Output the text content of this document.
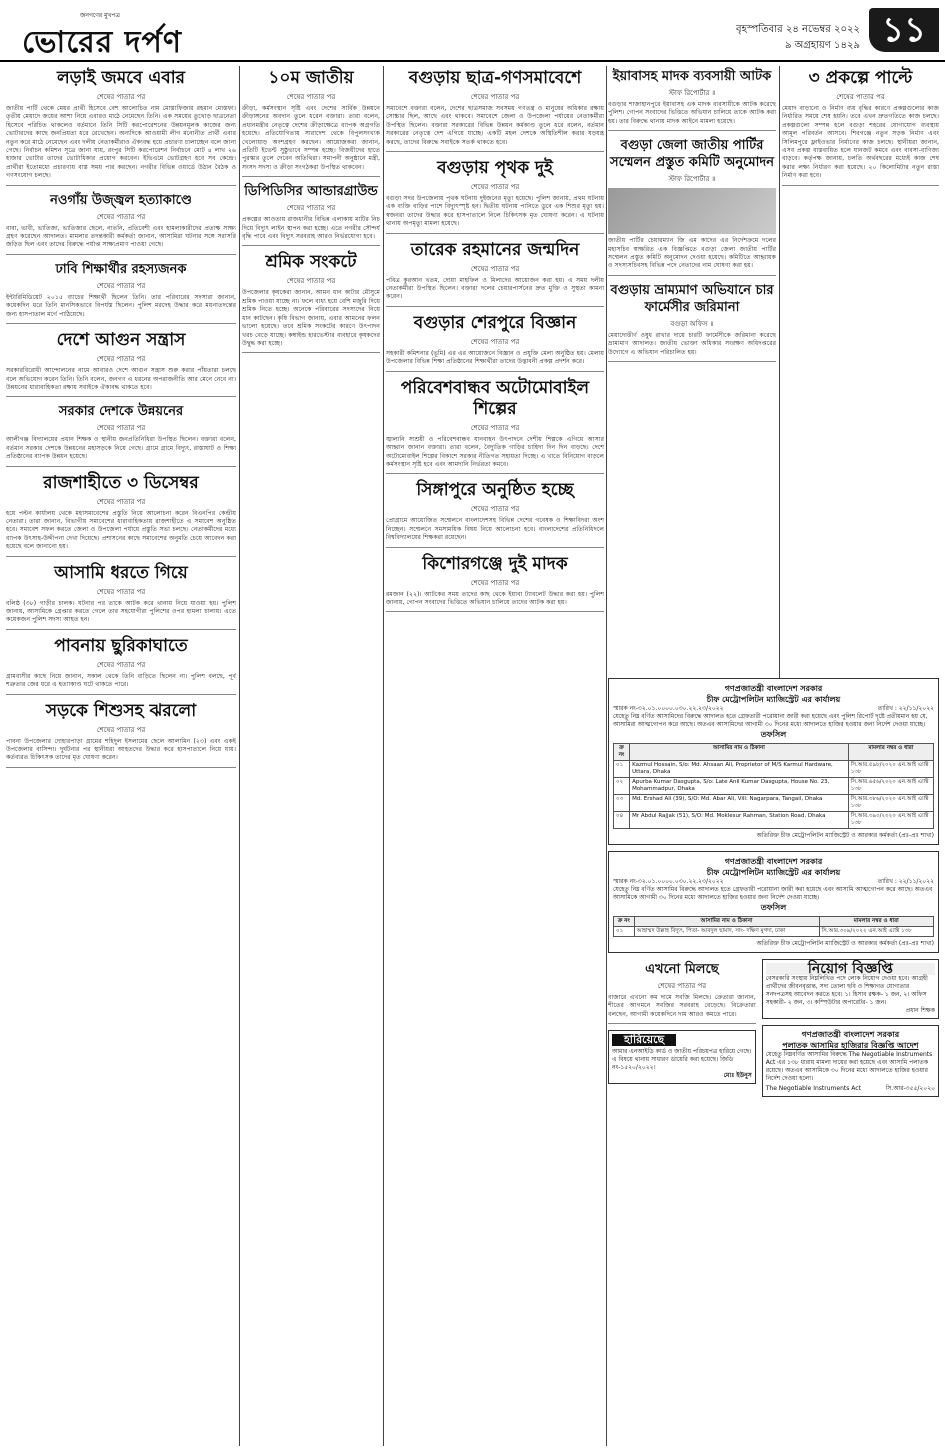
জনগণের মুখপত্র
ভোরের দর্পণ	বৃহস্পতিবার ২৪ নভেম্বর ২০২২
৯ অগ্রহায়ণ ১৪২৯ ১১
লড়াই জমবে এবার
শেষের পাতার পর
জাতীয় পার্টি থেকে মেয়র প্রার্থী হিসেবে বেশ আলোচিত নাম মোস্তাফিজার রহমান মোস্তফা। তৃতীয় মেয়াদে জয়ের আশা নিয়ে এবারও মাঠে নেমেছেন তিনি। এক সময়ের তুখোড় ছাত্রনেতা হিসেবে পরিচিত থাকলেও বর্তমানে তিনি সিটি করপোরেশনের উন্নয়নমূলক কাজের জন্য ভোটারদের কাছে জনপ্রিয়তা ধরে রেখেছেন। অন্যদিকে আওয়ামী লীগ মনোনীত প্রার্থী এবার নতুন করে মাঠে নেমেছেন এবং দলীয় নেতাকর্মীরাও ঐক্যবদ্ধ হয়ে প্রচারণা চালাচ্ছেন বলে জানা গেছে। নির্বাচন কমিশন সূত্রে জানা যায়, রংপুর সিটি করপোরেশন নির্বাচনে মোট ৪ লাখ ২৬ হাজার ভোটার তাদের ভোটাধিকার প্রয়োগ করবেন। ইভিএমে ভোটগ্রহণ হবে সব কেন্দ্রে। প্রার্থীরা ইতোমধ্যে প্রচারণায় ব্যস্ত সময় পার করছেন। নগরীর বিভিন্ন ওয়ার্ডে উঠান বৈঠক ও গণসংযোগ চলছে।
নওগাঁয় উজ্জ্বল হত্যাকাণ্ডে
শেষের পাতার পর
বাবা, ভাবী, ভাতিজা, ভাতিজার ছেলে, নাতনি, প্রতিবেশী এবং হামলাকারীদের প্রত্যক্ষ সাক্ষ্য গ্রহণ করেছেন আদালত। মামলার তদন্তকারী কর্মকর্তা জানান, আসামিরা ঘটনার সঙ্গে সরাসরি জড়িত ছিল এবং তাদের বিরুদ্ধে পর্যাপ্ত সাক্ষ্যপ্রমাণ পাওয়া গেছে।
ঢাবি শিক্ষার্থীর রহস্যজনক
শেষের পাতার পর
ইন্টারিমিডিয়েট ২০১৫ ব্যাচের শিক্ষার্থী ছিলেন তিনি। তার পরিবারের সদস্যরা জানান, কয়েকদিন ধরে তিনি মানসিকভাবে বিপর্যস্ত ছিলেন। পুলিশ মরদেহ উদ্ধার করে ময়নাতদন্তের জন্য হাসপাতাল মর্গে পাঠিয়েছে।
দেশে আগুন সন্ত্রাস
শেষের পাতার পর
সরকারবিরোধী আন্দোলনের নামে আবারও দেশে আগুন সন্ত্রাস শুরু করার পাঁয়তারা চলছে বলে অভিযোগ করেন তিনি। তিনি বলেন, জনগণ এ ধরনের অপরাজনীতি আর মেনে নেবে না। উন্নয়নের ধারাবাহিকতা রক্ষায় সবাইকে ঐক্যবদ্ধ থাকতে হবে।
সরকার দেশকে উন্নয়নের
শেষের পাতার পর
আলীগঞ্জ বিদ্যালয়ের প্রধান শিক্ষক ও স্থানীয় জনপ্রতিনিধিরা উপস্থিত ছিলেন। বক্তারা বলেন, বর্তমান সরকার দেশকে উন্নয়নের মহাসড়কে নিয়ে গেছে। গ্রামে গ্রামে বিদ্যুৎ, রাস্তাঘাট ও শিক্ষা প্রতিষ্ঠানের ব্যাপক উন্নয়ন হয়েছে।
রাজশাহীতে ৩ ডিসেম্বর
শেষের পাতার পর
হয়ে পল্টন কার্যালয় থেকে মহাসমাবেশের প্রস্তুতি নিয়ে আলোচনা করেন বিএনপির কেন্দ্রীয় নেতারা। তারা জানান, বিভাগীয় সমাবেশের ধারাবাহিকতায় রাজশাহীতে এ সমাবেশ অনুষ্ঠিত হবে। সমাবেশ সফল করতে জেলা ও উপজেলা পর্যায়ে প্রস্তুতি সভা চলছে। নেতাকর্মীদের মধ্যে ব্যাপক উৎসাহ-উদ্দীপনা দেখা দিয়েছে। প্রশাসনের কাছে সমাবেশের অনুমতি চেয়ে আবেদন করা হয়েছে বলে জানানো হয়।
আসামি ধরতে গিয়ে
শেষের পাতার পর
বলিষ্ঠ (৩৮) গাড়ীর চালক। ঘটনার পর তাকে আটক করে থানায় নিয়ে যাওয়া হয়। পুলিশ জানায়, আসামিকে গ্রেপ্তার করতে গেলে তার সহযোগীরা পুলিশের ওপর হামলা চালায়। এতে কয়েকজন পুলিশ সদস্য আহত হন।
পাবনায় ছুরিকাঘাতে
শেষের পাতার পর
গ্রামবাসীর কাছে নিয়ে জানান, সকাল থেকে তিনি বাড়িতে ছিলেন না। পুলিশ বলছে, পূর্ব শত্রুতার জের ধরে এ হত্যাকাণ্ড ঘটে থাকতে পারে।
সড়কে শিশুসহ ঝরলো
শেষের পাতার পর
পাবনা উপজেলার দোহারপাড়া গ্রামের শহিদুল ইসলামের ছেলে আলামিন (২৩) এবং একই উপজেলার বাসিন্দা। দুর্ঘটনার পর স্থানীয়রা আহতদের উদ্ধার করে হাসপাতালে নিয়ে যায়। কর্তব্যরত চিকিৎসক তাদের মৃত ঘোষণা করেন।
১০ম জাতীয়
শেষের পাতার পর
ক্রীড়া, কর্মসংস্থান সৃষ্টি এবং দেশের সার্বিক উন্নয়নে ক্রীড়াঙ্গনের অবদান তুলে ধরেন বক্তারা। তারা বলেন, প্রধানমন্ত্রীর নেতৃত্বে দেশের ক্রীড়াক্ষেত্রে ব্যাপক অগ্রগতি হয়েছে। প্রতিযোগিতায় সারাদেশ থেকে বিপুলসংখ্যক খেলোয়াড় অংশগ্রহণ করছেন। আয়োজকরা জানান, প্রতিটি ইভেন্ট সুষ্ঠুভাবে সম্পন্ন হচ্ছে। বিজয়ীদের হাতে পুরস্কার তুলে দেবেন অতিথিরা। সমাপনী অনুষ্ঠানে মন্ত্রী, সংসদ সদস্য ও ক্রীড়া সংগঠকরা উপস্থিত থাকবেন।
ডিপিডিসির আন্ডারগ্রাউন্ড
শেষের পাতার পর
প্রকল্পের আওতায় রাজধানীর বিভিন্ন এলাকায় মাটির নিচ দিয়ে বিদ্যুৎ লাইন স্থাপন করা হচ্ছে। এতে নগরীর সৌন্দর্য বৃদ্ধি পাবে এবং বিদ্যুৎ সরবরাহ আরও নির্ভরযোগ্য হবে।
শ্রমিক সংকটে
শেষের পাতার পর
উপজেলার কৃষকেরা জানান, আমন ধান কাটার মৌসুমে শ্রমিক পাওয়া যাচ্ছে না। ফলে বাধ্য হয়ে বেশি মজুরি দিয়ে শ্রমিক নিতে হচ্ছে। অনেকে পরিবারের সদস্যদের নিয়ে ধান কাটছেন। কৃষি বিভাগ জানায়, এবার আমনের ফলন ভালো হয়েছে। তবে শ্রমিক সংকটের কারণে উৎপাদন খরচ বেড়ে যাচ্ছে। কম্বাইন্ড হারভেস্টার ব্যবহারে কৃষকদের উদ্বুদ্ধ করা হচ্ছে।
বগুড়ায় ছাত্র-গণসমাবেশে
শেষের পাতার পর
সমাবেশে বক্তারা বলেন, দেশের ছাত্রসমাজ সবসময় গণতন্ত্র ও মানুষের অধিকার রক্ষায় সোচ্চার ছিল, আছে এবং থাকবে। সমাবেশে জেলা ও উপজেলা পর্যায়ের নেতাকর্মীরা উপস্থিত ছিলেন। বক্তারা সরকারের বিভিন্ন উন্নয়ন কর্মকাণ্ড তুলে ধরে বলেন, বর্তমান সরকারের নেতৃত্বে দেশ এগিয়ে যাচ্ছে। একটি মহল দেশকে অস্থিতিশীল করার ষড়যন্ত্র করছে, তাদের বিরুদ্ধে সবাইকে সতর্ক থাকতে হবে।
বগুড়ায় পৃথক দুই
শেষের পাতার পর
বগুড়া সদর উপজেলায় পৃথক ঘটনায় দুইজনের মৃত্যু হয়েছে। পুলিশ জানায়, প্রথম ঘটনায় এক ব্যক্তি বাড়ির পাশে বিদ্যুৎস্পৃষ্ট হন। দ্বিতীয় ঘটনায় পানিতে ডুবে এক শিশুর মৃত্যু হয়। স্বজনরা তাদের উদ্ধার করে হাসপাতালে নিলে চিকিৎসক মৃত ঘোষণা করেন। এ ঘটনায় থানায় অপমৃত্যু মামলা হয়েছে।
তারেক রহমানের জন্মদিন
শেষের পাতার পর
পবিত্র কুরআন খতম, দোয়া মাহফিল ও মিলাদের আয়োজন করা হয়। এ সময় দলীয় নেতাকর্মীরা উপস্থিত ছিলেন। বক্তারা দলের চেয়ারপার্সনের দ্রুত মুক্তি ও সুস্থতা কামনা করেন।
বগুড়ার শেরপুরে বিজ্ঞান
শেষের পাতার পর
সহকারী কমিশনার (ভূমি) এর এর আয়োজনে বিজ্ঞান ও প্রযুক্তি মেলা অনুষ্ঠিত হয়। মেলায় উপজেলার বিভিন্ন শিক্ষা প্রতিষ্ঠানের শিক্ষার্থীরা তাদের উদ্ভাবনী প্রকল্প প্রদর্শন করে।
পরিবেশবান্ধব অটোমোবাইল শিল্পের
শেষের পাতার পর
জ্বালানি সাশ্রয়ী ও পরিবেশবান্ধব যানবাহন উৎপাদনে দেশীয় শিল্পকে এগিয়ে আসার আহ্বান জানান বক্তারা। তারা বলেন, বৈদ্যুতিক গাড়ির চাহিদা দিন দিন বাড়ছে। দেশে অটোমোবাইল শিল্পের বিকাশে সরকার নীতিগত সহায়তা দিচ্ছে। এ খাতে বিনিয়োগ বাড়লে কর্মসংস্থান সৃষ্টি হবে এবং আমদানি নির্ভরতা কমবে।
সিঙ্গাপুরে অনুষ্ঠিত হচ্ছে
শেষের পাতার পর
প্রোগ্রামে আয়োজিত সম্মেলনে বাংলাদেশসহ বিভিন্ন দেশের গবেষক ও শিক্ষাবিদরা অংশ নিচ্ছেন। সম্মেলনে সমসাময়িক বিষয় নিয়ে আলোচনা হবে। বাংলাদেশের প্রতিনিধিদলে বিশ্ববিদ্যালয়ের শিক্ষকরা রয়েছেন।
কিশোরগঞ্জে দুই মাদক
শেষের পাতার পর
রমজান (২২)। আটকের সময় তাদের কাছ থেকে ইয়াবা ট্যাবলেট উদ্ধার করা হয়। পুলিশ জানায়, গোপন সংবাদের ভিত্তিতে অভিযান চালিয়ে তাদের আটক করা হয়।
ইয়াবাসহ মাদক ব্যবসায়ী আটক
স্টাফ রিপোর্টার ॥
বগুড়ার শাজাহানপুরে ইয়াবাসহ এক মাদক ব্যবসায়ীকে আটক করেছে পুলিশ। গোপন সংবাদের ভিত্তিতে অভিযান চালিয়ে তাকে আটক করা হয়। তার বিরুদ্ধে থানায় মাদক আইনে মামলা হয়েছে।
বগুড়া জেলা জাতীয় পার্টির সম্মেলন প্রস্তুত কমিটি অনুমোদন
স্টাফ রিপোর্টার ॥
জাতীয় পার্টির চেয়ারম্যান জি এম কাদের এর নির্দেশক্রমে দলের মহাসচিব স্বাক্ষরিত এক বিজ্ঞপ্তিতে বগুড়া জেলা জাতীয় পার্টির সম্মেলন প্রস্তুত কমিটি অনুমোদন দেওয়া হয়েছে। কমিটিতে আহ্বায়ক ও সদস্যসচিবসহ বিভিন্ন পদে নেতাদের নাম ঘোষণা করা হয়।
বগুড়ায় ভ্রাম্যমাণ অভিযানে চার ফার্মেসীর জরিমানা
বগুড়া অফিস ॥
মেয়াদোত্তীর্ণ ওষুধ রাখার দায়ে চারটি ফার্মেসীকে জরিমানা করেছে ভ্রাম্যমাণ আদালত। জাতীয় ভোক্তা অধিকার সংরক্ষণ অধিদপ্তরের উদ্যোগে এ অভিযান পরিচালিত হয়।
৩ প্রকল্পে পাল্টে
শেষের পাতার পর
মেয়াদ বাড়ানো ও নির্মাণ ব্যয় বৃদ্ধির কারণে প্রকল্পগুলোর কাজ নির্ধারিত সময়ে শেষ হয়নি। তবে এখন দ্রুতগতিতে কাজ চলছে। প্রকল্পগুলো সম্পন্ন হলে বগুড়া শহরের যোগাযোগ ব্যবস্থায় আমূল পরিবর্তন আসবে। শিবগঞ্জে নতুন সড়ক নির্মাণ এবং সিলিমপুরে ফ্লাইওভার নির্মাণের কাজ চলছে। স্থানীয়রা জানান, এসব প্রকল্প বাস্তবায়িত হলে যানজট কমবে এবং ব্যবসা-বাণিজ্য বাড়বে। কর্তৃপক্ষ জানায়, চলতি অর্থবছরের মধ্যেই কাজ শেষ করার লক্ষ্য নির্ধারণ করা হয়েছে। ২০ কিলোমিটার নতুন রাস্তা নির্মাণ করা হবে।
গণপ্রজাতন্ত্রী বাংলাদেশ সরকার
চীফ মেট্রোপলিটন ম্যাজিস্ট্রেট এর কার্যালয়
স্মারক নং-৩২.০১.০০০০.০৩০.২২.২৩/২০২২	তারিখ : ২২/১১/২০২২
যেহেতু নিম্ন বর্ণিত আসামিদের বিরুদ্ধে আদালত হতে গ্রেফতারী পরোয়ানা জারী করা হয়েছে এবং পুলিশ রিপোর্ট দৃষ্টে প্রতীয়মান হয় যে, আসামিরা আত্মগোপন করে আছে। অতএব আসামিদের আগামী ৩০ দিনের মধ্যে আদালতে হাজির হওয়ার জন্য নির্দেশ দেওয়া যাচ্ছে।
তফসিল
ক্র নং	আসামির নাম ও ঠিকানা	মামলার নম্বর ও ধারা
০১	Kazmul Hossain, S/o: Md. Ahsaan Ali, Proprietor of M/S Karmul Hardware, Uttara, Dhaka	সি.আর.৫৯৮/২০২০ এন.আই এ্যাক্ট ১৩৮
০২	Apurba Kumar Dasgupta, S/o: Late Anil Kumar Dasgupta, House No. 23, Mohammadpur, Dhaka	সি.আর.৬৫৬/২০২০ এন.আই এ্যাক্ট ১৩৮
০৩	Md. Ershad Ali (39), S/O: Md. Abar Ali, Vill: Nagarpara, Tangail, Dhaka	সি.আর.৩৮৬/২০২০ এন.আই এ্যাক্ট ১৩৮
০৪	Mr Abdul Rajjak (51), S/O: Md. Moklesur Rahman, Station Road, Dhaka	সি.আর.৩৯০/২০২০ এন.আই এ্যাক্ট ১৩৮
অতিরিক্ত চীফ মেট্রোপলিটন ম্যাজিস্ট্রেট ও আরকার কর্মকর্তা (প্রঃ-প্রঃ শাখা)
গণপ্রজাতন্ত্রী বাংলাদেশ সরকার
চীফ মেট্রোপলিটন ম্যাজিস্ট্রেট এর কার্যালয়
স্মারক নং-৩২.০১.০০০০.০৩০.২২.২৩/২০২২	তারিখ : ২২/১১/২০২২
যেহেতু নিম্ন বর্ণিত আসামির বিরুদ্ধে আদালত হতে গ্রেফতারী পরোয়ানা জারী করা হয়েছে এবং আসামি আত্মগোপন করে আছে। অতএব আসামিকে আগামী ৩০ দিনের মধ্যে আদালতে হাজির হওয়ার জন্য নির্দেশ দেওয়া যাচ্ছে।
তফসিল
ক্র নং	আসামির নাম ও ঠিকানা	মামলার নম্বর ও ধারা
০১	আহাম্মদ উল্লাহ বিদ্যুৎ, পিতা- আবদুল ছামাদ, সাং- দক্ষিণ মুগদা, ঢাকা	সি.আর.৩০৯/২০২২ এন.আই এ্যাক্ট ১৩৮
অতিরিক্ত চীফ মেট্রোপলিটন ম্যাজিস্ট্রেট ও আরকার কর্মকর্তা (প্রঃ-প্রঃ শাখা)
এখনো মিলছে
শেষের পাতার পর
বাজারে এখনো কম দামে সবজি মিলছে। ক্রেতারা জানান, শীতের আগমনে সবজির সরবরাহ বেড়েছে। বিক্রেতারা বলছেন, আগামী কয়েকদিনে দাম আরও কমতে পারে।
হারিয়েছে
আমার এনআইডি কার্ড ও জাতীয় পরিচয়পত্র হারিয়ে গেছে। এ বিষয়ে থানায় সাধারণ ডায়েরি করা হয়েছে। জিডি নং-১৫২০/২০২২।
মোঃ ইউনুস
নিয়োগ বিজ্ঞপ্তি
বেসরকারি সংস্থায় নিম্নলিখিত পদে লোক নিয়োগ দেওয়া হবে। আগ্রহী প্রার্থীদের জীবনবৃত্তান্ত, সদ্য তোলা ছবি ও শিক্ষাগত যোগ্যতার সনদপত্রসহ আবেদন করতে হবে। ১। হিসাব রক্ষক- ১ জন, ২। অফিস সহকারী- ২ জন, ৩। কম্পিউটার অপারেটর- ১ জন।
প্রধান শিক্ষক
গণপ্রজাতন্ত্রী বাংলাদেশ সরকার
পলাতক আসামির হাজিরার বিজ্ঞপ্তি আদেশ
যেহেতু নিম্নবর্ণিত আসামির বিরুদ্ধে The Negotiable Instruments Act এর ১৩৮ ধারায় মামলা দায়ের করা হয়েছে এবং আসামি পলাতক রয়েছে। অতএব আসামিকে ৩০ দিনের মধ্যে আদালতে হাজির হওয়ার নির্দেশ দেওয়া হলো।
The Negotiable Instruments Act	সি.আর-৩৫৫/২০২০
